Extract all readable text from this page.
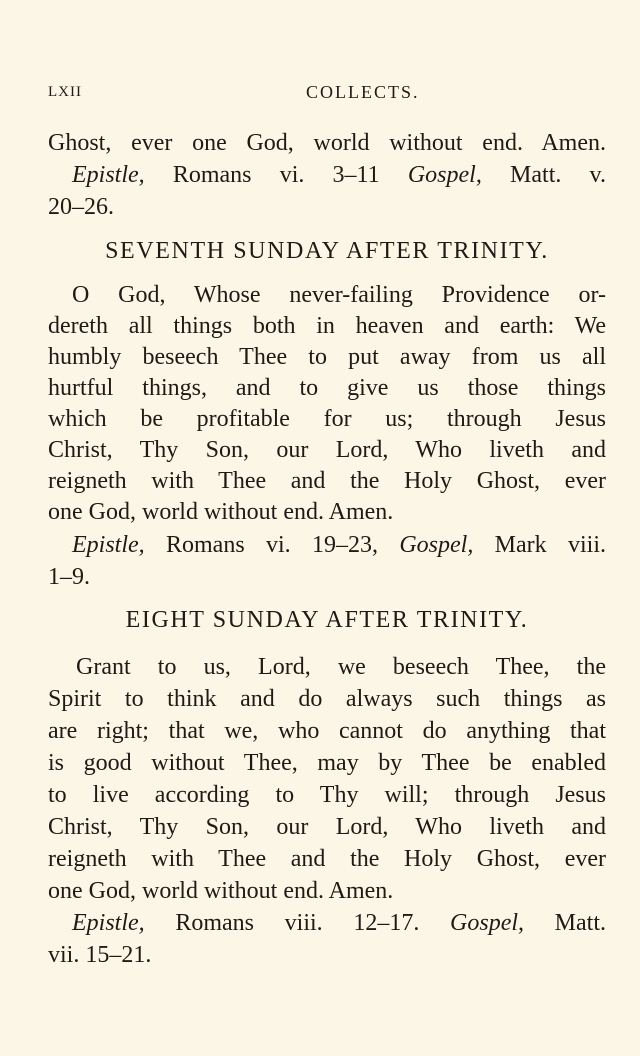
LXII	COLLECTS.
Ghost, ever one God, world without end. Amen.
Epistle, Romans vi. 3–11 Gospel, Matt. v.
20–26.
SEVENTH SUNDAY AFTER TRINITY.
O God, Whose never-failing Providence or-
dereth all things both in heaven and earth: We
humbly beseech Thee to put away from us all
hurtful things, and to give us those things
which be profitable for us; through Jesus
Christ, Thy Son, our Lord, Who liveth and
reigneth with Thee and the Holy Ghost, ever
one God, world without end. Amen.
Epistle, Romans vi. 19–23, Gospel, Mark viii.
1–9.
EIGHT SUNDAY AFTER TRINITY.
Grant to us, Lord, we beseech Thee, the
Spirit to think and do always such things as
are right; that we, who cannot do anything that
is good without Thee, may by Thee be enabled
to live according to Thy will; through Jesus
Christ, Thy Son, our Lord, Who liveth and
reigneth with Thee and the Holy Ghost, ever
one God, world without end. Amen.
Epistle, Romans viii. 12–17. Gospel, Matt.
vii. 15–21.
